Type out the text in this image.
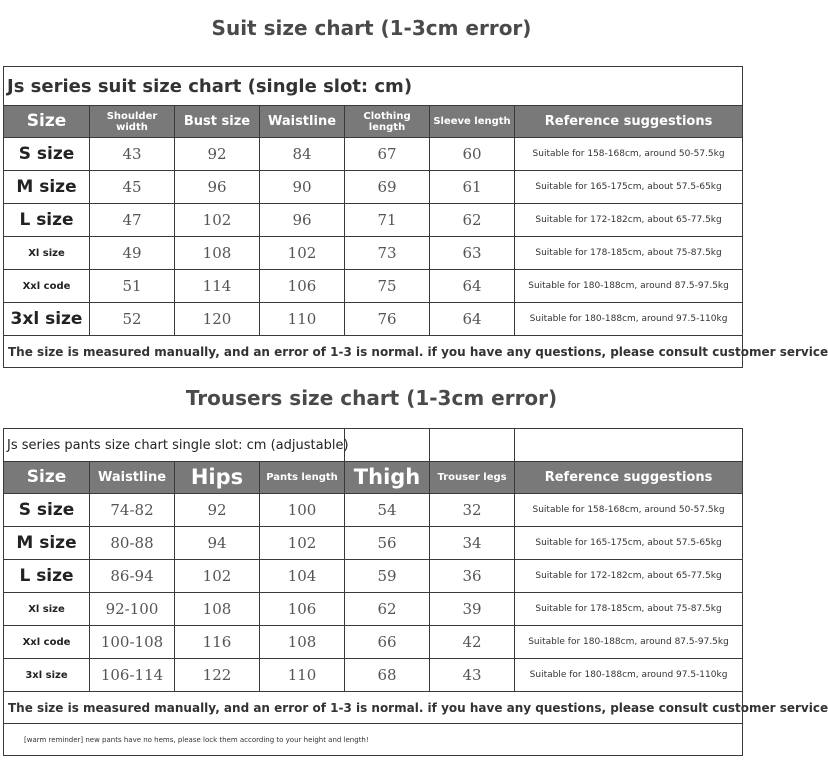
Suit size chart (1-3cm error)
Js series suit size chart (single slot: cm)						
Size	Shoulder width	Bust size	Waistline	Clothing length	Sleeve length	Reference suggestions
S size	43	92	84	67	60	Suitable for 158-168cm, around 50-57.5kg
M size	45	96	90	69	61	Suitable for 165-175cm, about 57.5-65kg
L size	47	102	96	71	62	Suitable for 172-182cm, about 65-77.5kg
Xl size	49	108	102	73	63	Suitable for 178-185cm, about 75-87.5kg
Xxl code	51	114	106	75	64	Suitable for 180-188cm, around 87.5-97.5kg
3xl size	52	120	110	76	64	Suitable for 180-188cm, around 97.5-110kg
The size is measured manually, and an error of 1-3 is normal. if you have any questions, please consult customer service						
Trousers size chart (1-3cm error)
Js series pants size chart single slot: cm (adjustable)						
Size	Waistline	Hips	Pants length	Thigh	Trouser legs	Reference suggestions
S size	74-82	92	100	54	32	Suitable for 158-168cm, around 50-57.5kg
M size	80-88	94	102	56	34	Suitable for 165-175cm, about 57.5-65kg
L size	86-94	102	104	59	36	Suitable for 172-182cm, about 65-77.5kg
Xl size	92-100	108	106	62	39	Suitable for 178-185cm, about 75-87.5kg
Xxl code	100-108	116	108	66	42	Suitable for 180-188cm, around 87.5-97.5kg
3xl size	106-114	122	110	68	43	Suitable for 180-188cm, around 97.5-110kg
The size is measured manually, and an error of 1-3 is normal. if you have any questions, please consult customer service						
[warm reminder] new pants have no hems, please lock them according to your height and length!						
